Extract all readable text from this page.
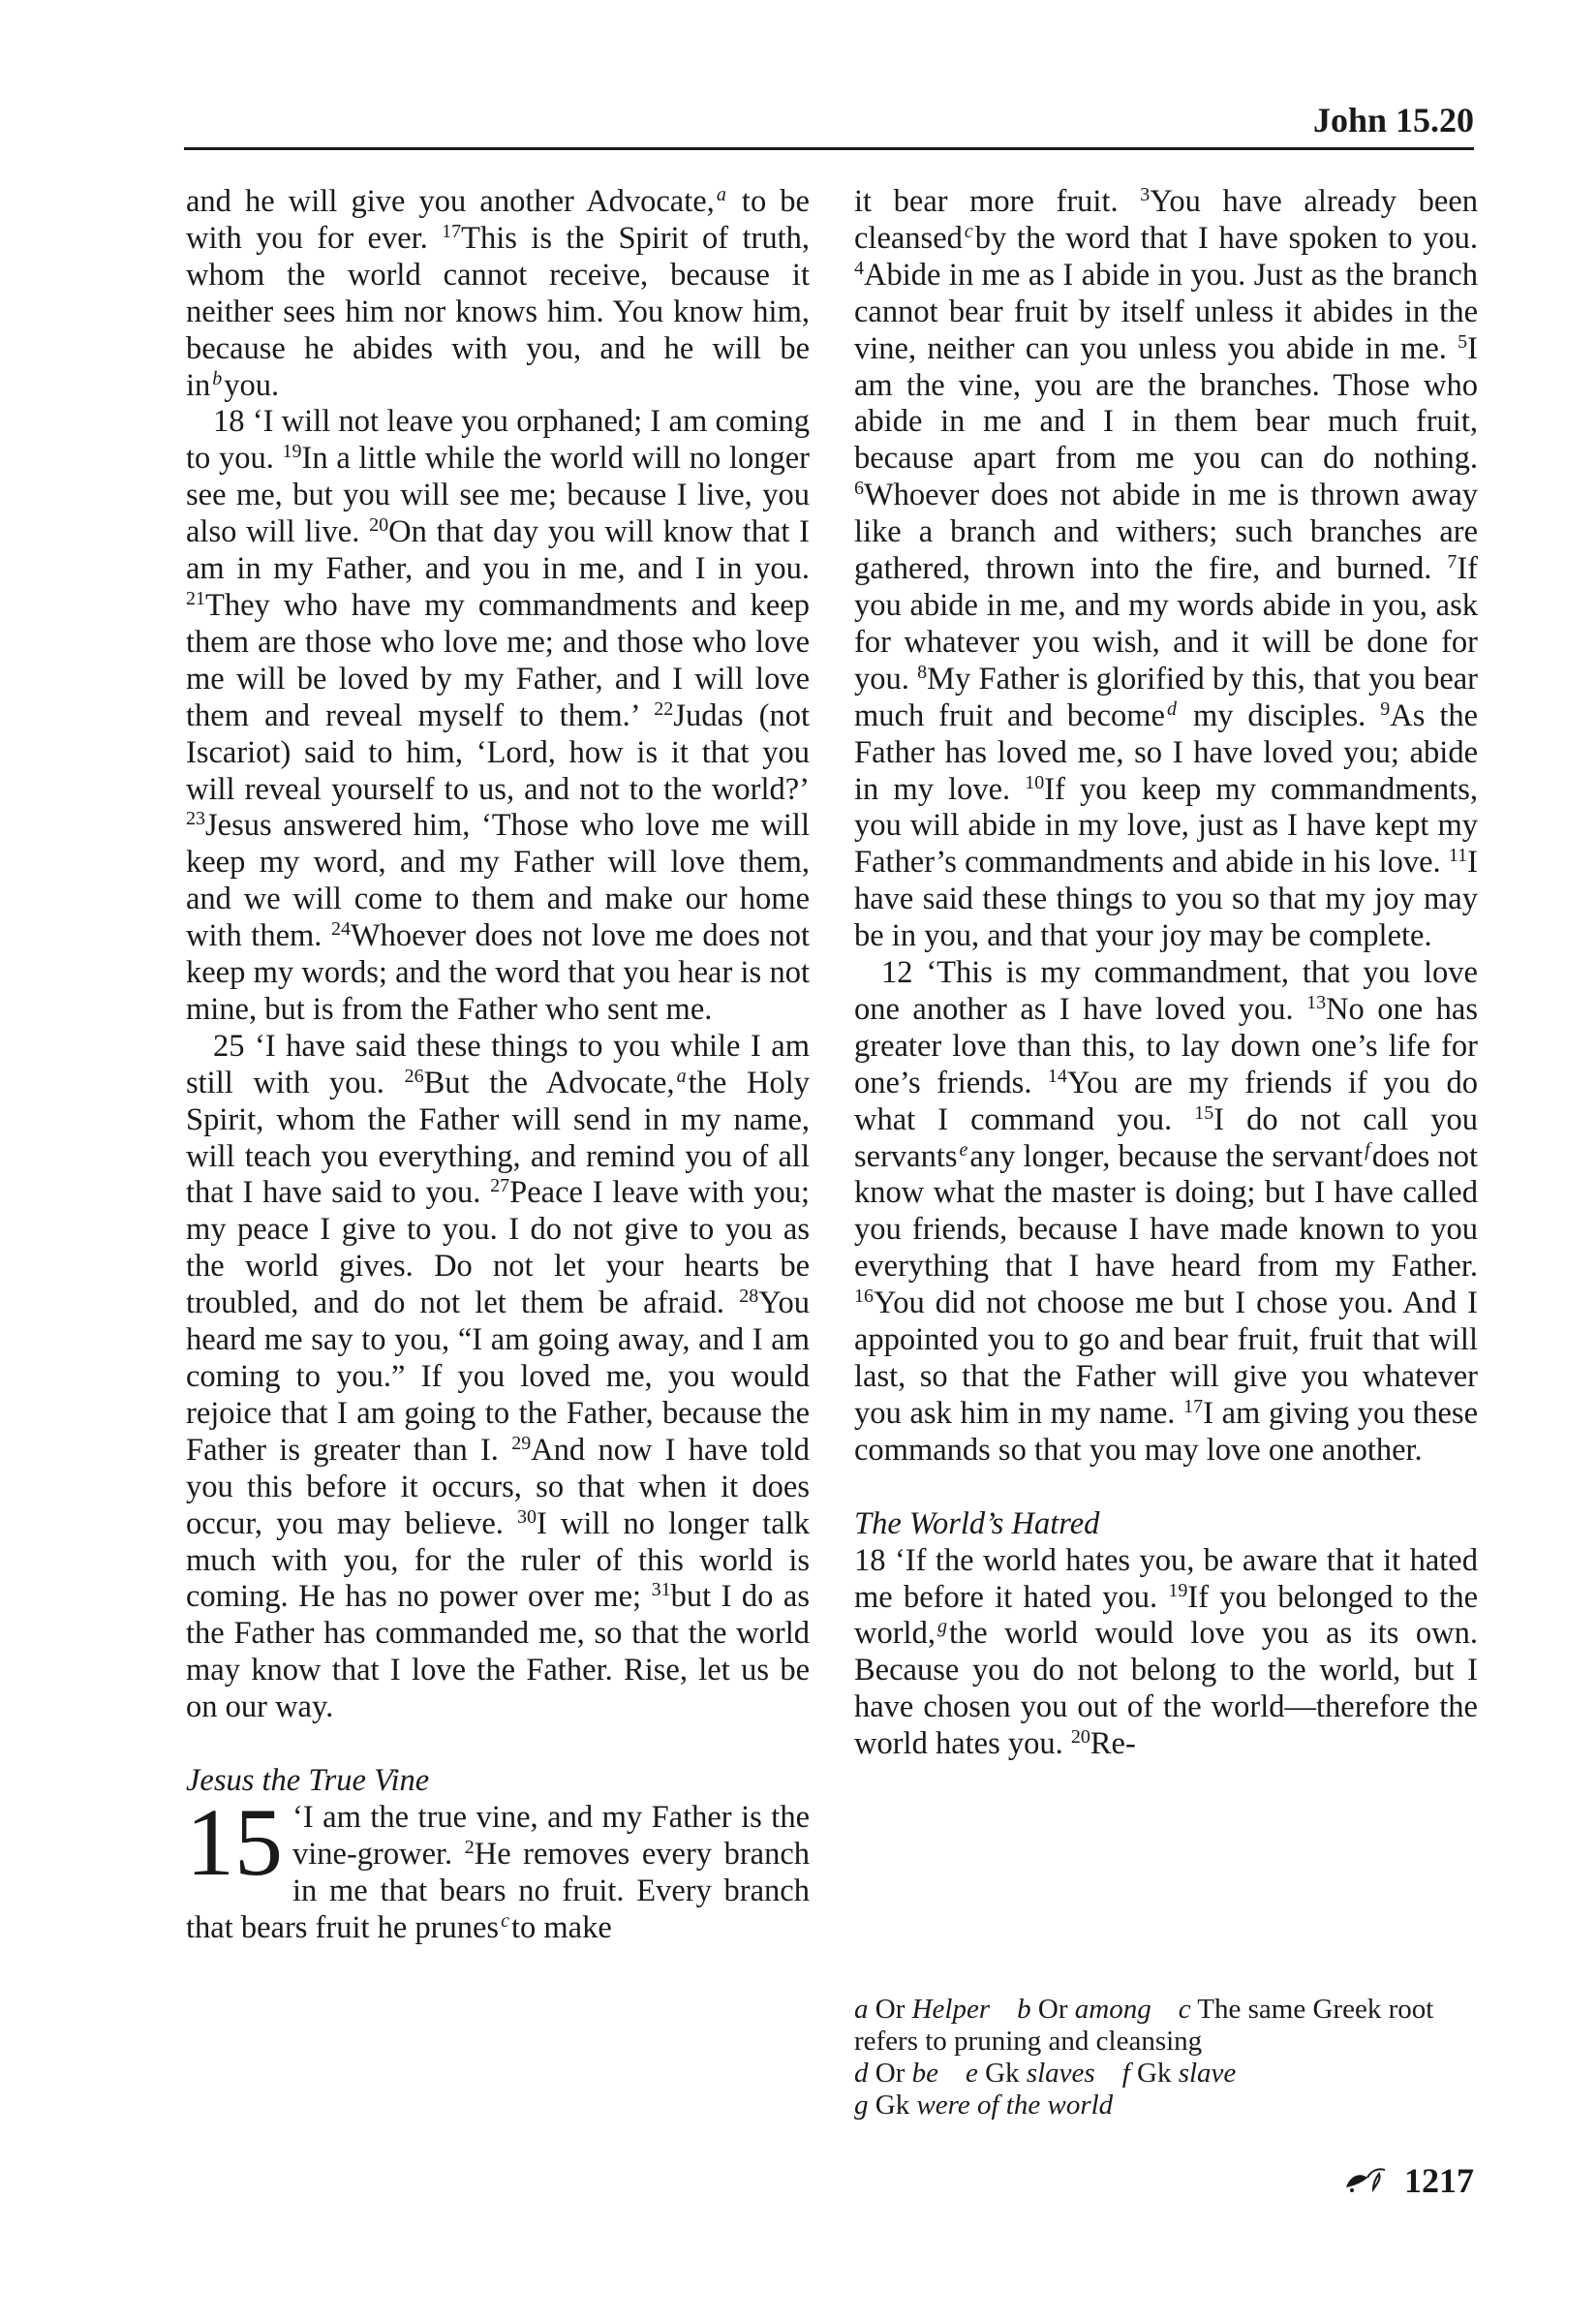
John 15.20

and he will give you another Advocate, $^a$ to be with you for ever. $^{17}$This is the Spirit of truth, whom the world cannot receive, because it neither sees him nor knows him. You know him, because he abides with you, and he will be in $^b$you.

18 ‘I will not leave you orphaned; I am coming to you. $^{19}$In a little while the world will no longer see me, but you will see me; because I live, you also will live. $^{20}$On that day you will know that I am in my Father, and you in me, and I in you. $^{21}$They who have my commandments and keep them are those who love me; and those who love me will be loved by my Father, and I will love them and reveal myself to them.’ $^{22}$Judas (not Iscariot) said to him, ‘Lord, how is it that you will reveal yourself to us, and not to the world?’ $^{23}$Jesus answered him, ‘Those who love me will keep my word, and my Father will love them, and we will come to them and make our home with them. $^{24}$Whoever does not love me does not keep my words; and the word that you hear is not mine, but is from the Father who sent me.

25 ‘I have said these things to you while I am still with you. $^{26}$But the Advocate, $^a$the Holy Spirit, whom the Father will send in my name, will teach you everything, and remind you of all that I have said to you. $^{27}$Peace I leave with you; my peace I give to you. I do not give to you as the world gives. Do not let your hearts be troubled, and do not let them be afraid. $^{28}$You heard me say to you, “I am going away, and I am coming to you.” If you loved me, you would rejoice that I am going to the Father, because the Father is greater than I. $^{29}$And now I have told you this before it occurs, so that when it does occur, you may believe. $^{30}$I will no longer talk much with you, for the ruler of this world is coming. He has no power over me; $^{31}$but I do as the Father has commanded me, so that the world may know that I love the Father. Rise, let us be on our way.

Jesus the True Vine

15 ‘I am the true vine, and my Father is the vine-grower. $^2$He removes every branch in me that bears no fruit. Every branch that bears fruit he prunes $^c$to make

it bear more fruit. $^3$You have already been cleansed $^c$by the word that I have spoken to you. $^4$Abide in me as I abide in you. Just as the branch cannot bear fruit by itself unless it abides in the vine, neither can you unless you abide in me. $^5$I am the vine, you are the branches. Those who abide in me and I in them bear much fruit, because apart from me you can do nothing. $^6$Whoever does not abide in me is thrown away like a branch and withers; such branches are gathered, thrown into the fire, and burned. $^7$If you abide in me, and my words abide in you, ask for whatever you wish, and it will be done for you. $^8$My Father is glorified by this, that you bear much fruit and become $^d$ my disciples. $^9$As the Father has loved me, so I have loved you; abide in my love. $^{10}$If you keep my commandments, you will abide in my love, just as I have kept my Father’s commandments and abide in his love. $^{11}$I have said these things to you so that my joy may be in you, and that your joy may be complete.

12 ‘This is my commandment, that you love one another as I have loved you. $^{13}$No one has greater love than this, to lay down one’s life for one’s friends. $^{14}$You are my friends if you do what I command you. $^{15}$I do not call you servants $^e$any longer, because the servant $^f$does not know what the master is doing; but I have called you friends, because I have made known to you everything that I have heard from my Father. $^{16}$You did not choose me but I chose you. And I appointed you to go and bear fruit, fruit that will last, so that the Father will give you whatever you ask him in my name. $^{17}$I am giving you these commands so that you may love one another.

The World’s Hatred

18 ‘If the world hates you, be aware that it hated me before it hated you. $^{19}$If you belonged to the world, $^g$the world would love you as its own. Because you do not belong to the world, but I have chosen you out of the world—therefore the world hates you. $^{20}$Re-

a Or Helper b Or among c The same Greek root refers to pruning and cleansing

d Or be e Gk slaves f Gk slave

g Gk were of the world

1217
